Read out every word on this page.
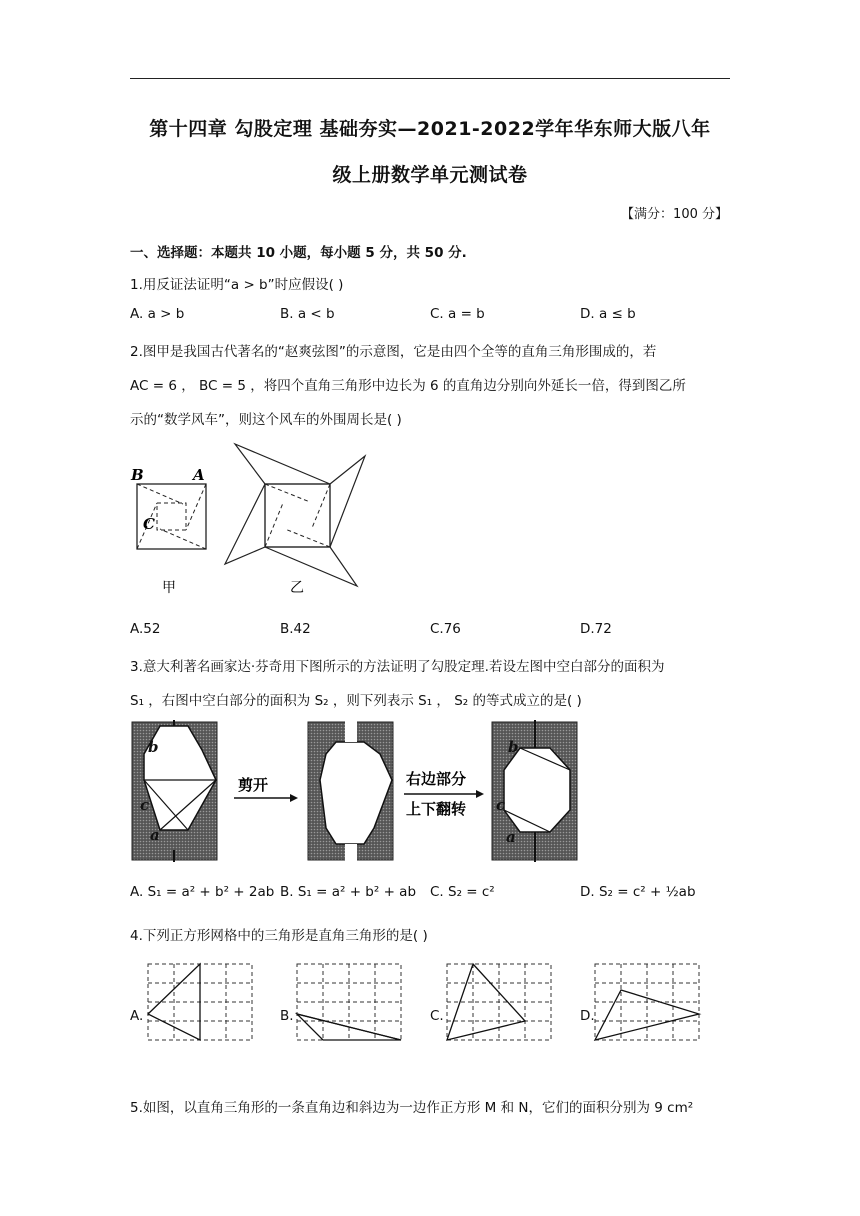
第十四章 勾股定理 基础夯实—2021-2022学年华东师大版八年
级上册数学单元测试卷
【满分：100 分】
一、选择题：本题共 10 小题，每小题 5 分，共 50 分.
1.用反证法证明“a > b”时应假设( )
A. a > b	B. a < b	C. a = b	D. a ≤ b
2.图甲是我国古代著名的“赵爽弦图”的示意图，它是由四个全等的直角三角形围成的，若
AC = 6 ， BC = 5 ，将四个直角三角形中边长为 6 的直角边分别向外延长一倍，得到图乙所
示的“数学风车”，则这个风车的外围周长是( )
B	A
C
甲	乙
A.52	B.42	C.76	D.72
3.意大利著名画家达·芬奇用下图所示的方法证明了勾股定理.若设左图中空白部分的面积为
S₁ ，右图中空白部分的面积为 S₂ ，则下列表示 S₁ ， S₂ 的等式成立的是( )
b
c
a
剪开	右边部分
上下翻转
b
c
a
A. S₁ = a² + b² + 2ab B. S₁ = a² + b² + ab C. S₂ = c²	D. S₂ = c² + ½ab
4.下列正方形网格中的三角形是直角三角形的是( )
A.	B.	C.	D.
5.如图，以直角三角形的一条直角边和斜边为一边作正方形 M 和 N，它们的面积分别为 9 cm²
